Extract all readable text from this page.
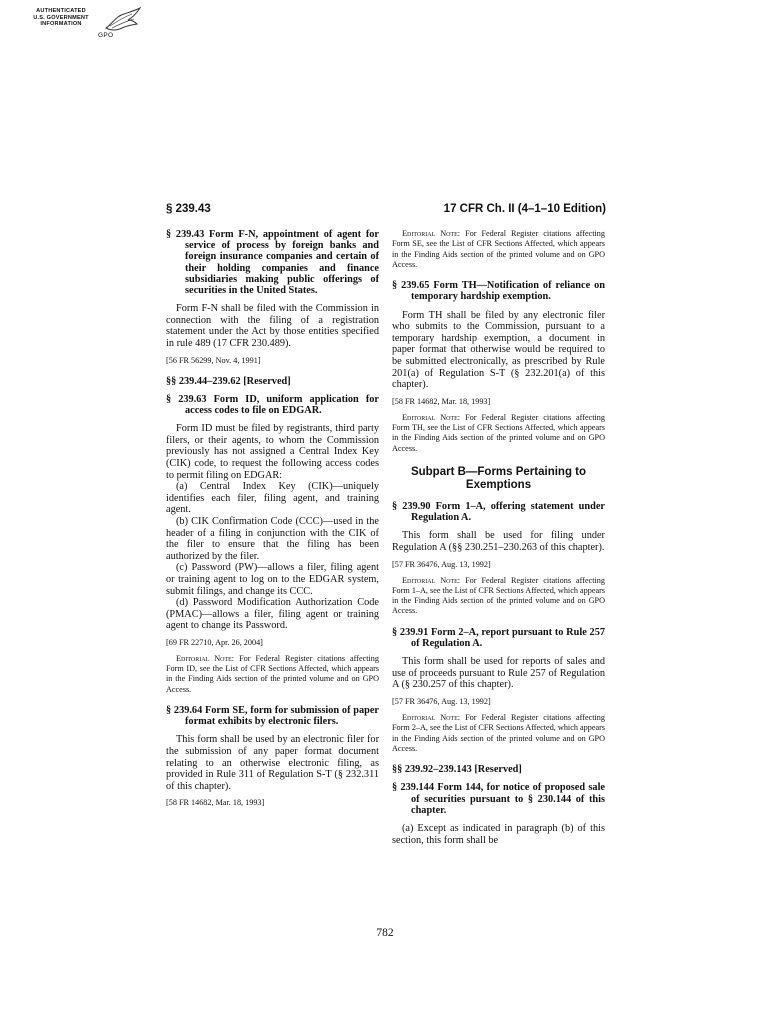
AUTHENTICATED
U.S. GOVERNMENT
INFORMATION
GPO
§ 239.43	17 CFR Ch. II (4–1–10 Edition)

§ 239.43 Form F-N, appointment of agent for service of process by foreign banks and foreign insurance companies and certain of their holding companies and finance subsidiaries making public offerings of securities in the United States.

Form F-N shall be filed with the Commission in connection with the filing of a registration statement under the Act by those entities specified in rule 489 (17 CFR 230.489).

[56 FR 56299, Nov. 4, 1991]

§§ 239.44–239.62 [Reserved]

§ 239.63 Form ID, uniform application for access codes to file on EDGAR.

Form ID must be filed by registrants, third party filers, or their agents, to whom the Commission previously has not assigned a Central Index Key (CIK) code, to request the following access codes to permit filing on EDGAR:

(a) Central Index Key (CIK)—uniquely identifies each filer, filing agent, and training agent.

(b) CIK Confirmation Code (CCC)—used in the header of a filing in conjunction with the CIK of the filer to ensure that the filing has been authorized by the filer.

(c) Password (PW)—allows a filer, filing agent or training agent to log on to the EDGAR system, submit filings, and change its CCC.

(d) Password Modification Authorization Code (PMAC)—allows a filer, filing agent or training agent to change its Password.

[69 FR 22710, Apr. 26, 2004]

Editorial Note: For Federal Register citations affecting Form ID, see the List of CFR Sections Affected, which appears in the Finding Aids section of the printed volume and on GPO Access.

§ 239.64 Form SE, form for submission of paper format exhibits by electronic filers.

This form shall be used by an electronic filer for the submission of any paper format document relating to an otherwise electronic filing, as provided in Rule 311 of Regulation S-T (§ 232.311 of this chapter).

[58 FR 14682, Mar. 18, 1993]

Editorial Note: For Federal Register citations affecting Form SE, see the List of CFR Sections Affected, which appears in the Finding Aids section of the printed volume and on GPO Access.

§ 239.65 Form TH—Notification of reliance on temporary hardship exemption.

Form TH shall be filed by any electronic filer who submits to the Commission, pursuant to a temporary hardship exemption, a document in paper format that otherwise would be required to be submitted electronically, as prescribed by Rule 201(a) of Regulation S-T (§ 232.201(a) of this chapter).

[58 FR 14682, Mar. 18, 1993]

Editorial Note: For Federal Register citations affecting Form TH, see the List of CFR Sections Affected, which appears in the Finding Aids section of the printed volume and on GPO Access.

Subpart B—Forms Pertaining to Exemptions

§ 239.90 Form 1–A, offering statement under Regulation A.

This form shall be used for filing under Regulation A (§§ 230.251–230.263 of this chapter).

[57 FR 36476, Aug. 13, 1992]

Editorial Note: For Federal Register citations affecting Form 1–A, see the List of CFR Sections Affected, which appears in the Finding Aids section of the printed volume and on GPO Access.

§ 239.91 Form 2–A, report pursuant to Rule 257 of Regulation A.

This form shall be used for reports of sales and use of proceeds pursuant to Rule 257 of Regulation A (§ 230.257 of this chapter).

[57 FR 36476, Aug. 13, 1992]

Editorial Note: For Federal Register citations affecting Form 2–A, see the List of CFR Sections Affected, which appears in the Finding Aids section of the printed volume and on GPO Access.

§§ 239.92–239.143 [Reserved]

§ 239.144 Form 144, for notice of proposed sale of securities pursuant to § 230.144 of this chapter.

(a) Except as indicated in paragraph (b) of this section, this form shall be

782
